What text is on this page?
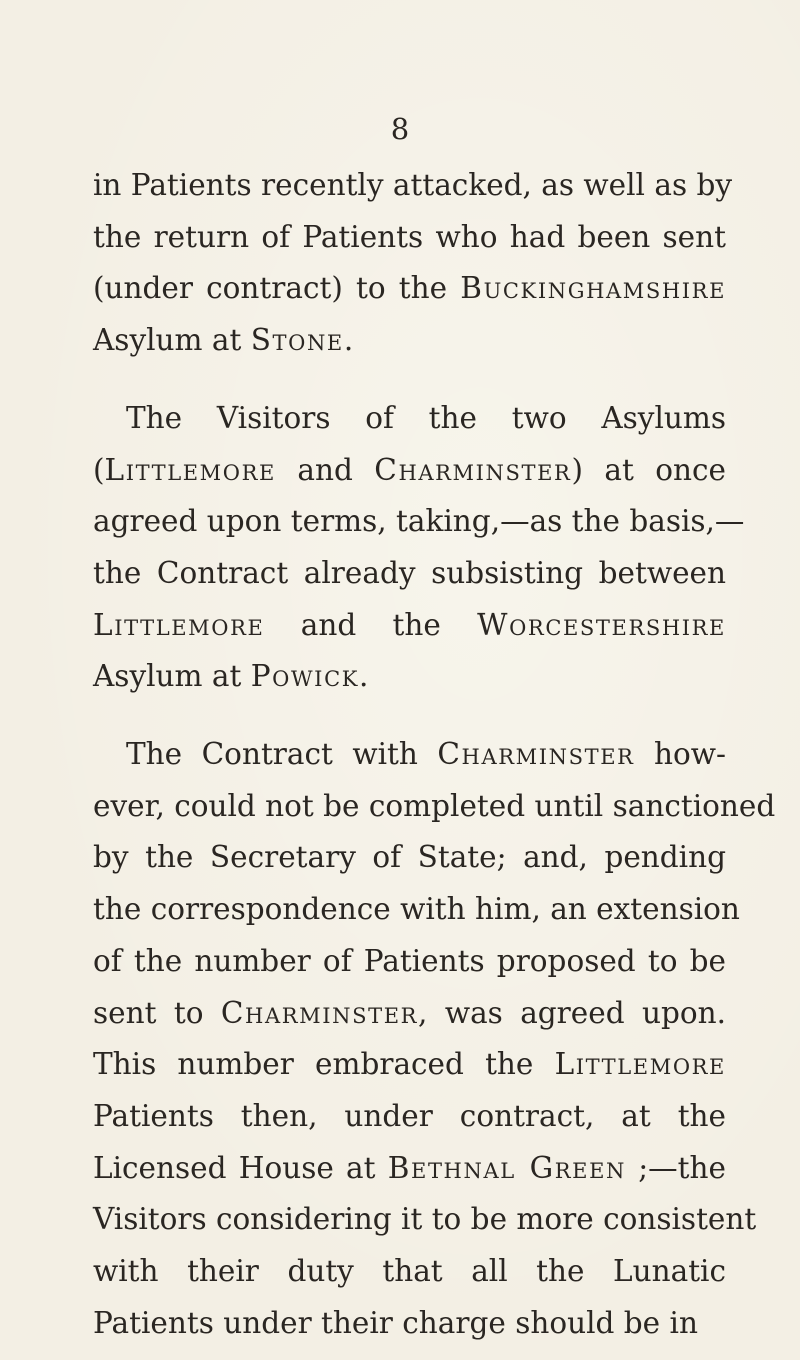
8

in Patients recently attacked, as well as by
the return of Patients who had been sent
(under contract) to the Buckinghamshire
Asylum at Stone.

The Visitors of the two Asylums
(Littlemore and Charminster) at once
agreed upon terms, taking,—as the basis,—
the Contract already subsisting between
Littlemore and the Worcestershire
Asylum at Powick.

The Contract with Charminster how-
ever, could not be completed until sanctioned
by the Secretary of State; and, pending
the correspondence with him, an extension
of the number of Patients proposed to be
sent to Charminster, was agreed upon.
This number embraced the Littlemore
Patients then, under contract, at the
Licensed House at Bethnal Green ;—the
Visitors considering it to be more consistent
with their duty that all the Lunatic
Patients under their charge should be in
